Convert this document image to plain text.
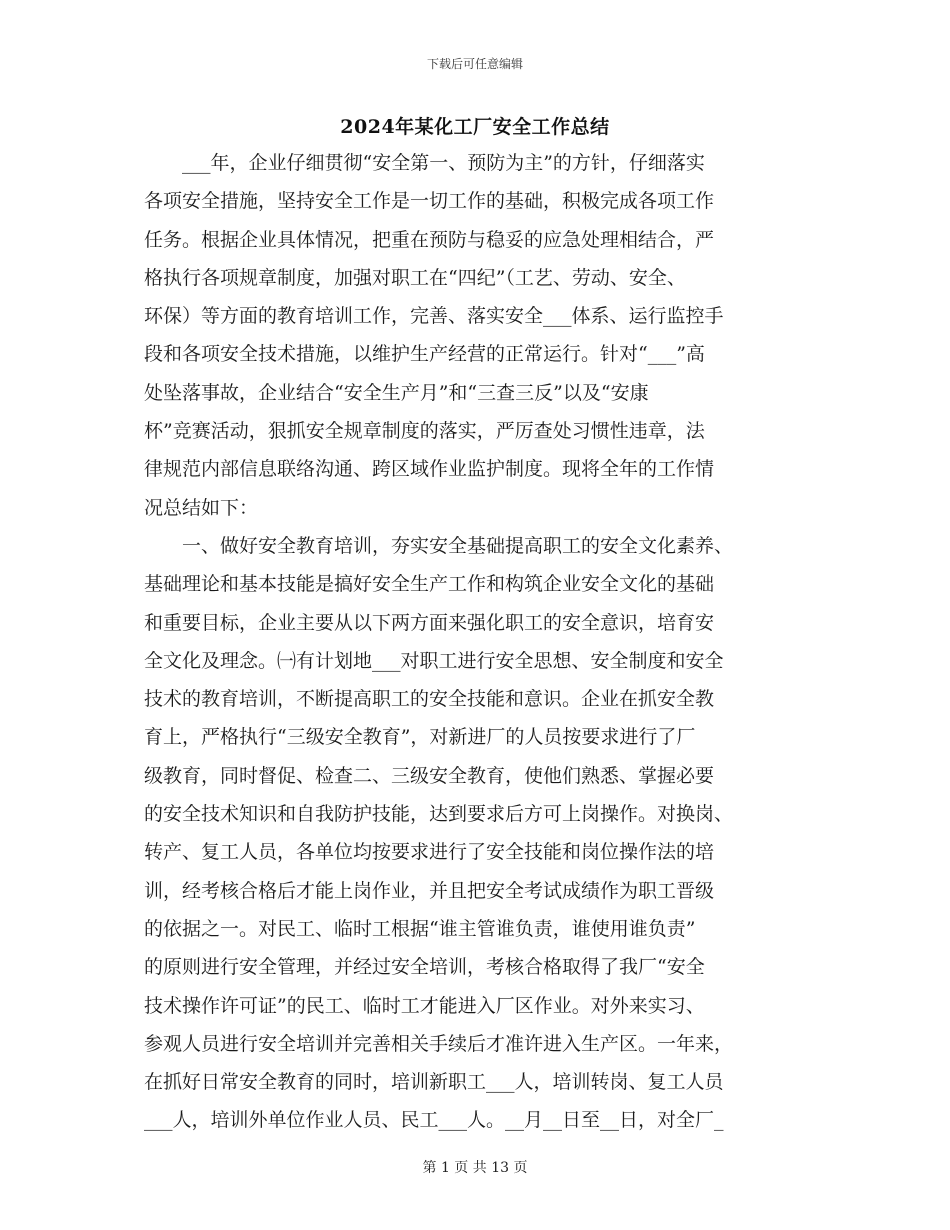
下载后可任意编辑
2024年某化工厂安全工作总结
　　___年，企业仔细贯彻“安全第一、预防为主”的方针，仔细落实
各项安全措施，坚持安全工作是一切工作的基础，积极完成各项工作
任务。根据企业具体情况，把重在预防与稳妥的应急处理相结合，严
格执行各项规章制度，加强对职工在“四纪”（工艺、劳动、安全、
环保）等方面的教育培训工作，完善、落实安全___体系、运行监控手
段和各项安全技术措施，以维护生产经营的正常运行。针对“___”高
处坠落事故，企业结合“安全生产月”和“三查三反”以及“安康
杯”竞赛活动，狠抓安全规章制度的落实，严厉查处习惯性违章，法
律规范内部信息联络沟通、跨区域作业监护制度。现将全年的工作情
况总结如下：
　　一、做好安全教育培训，夯实安全基础提高职工的安全文化素养、
基础理论和基本技能是搞好安全生产工作和构筑企业安全文化的基础
和重要目标，企业主要从以下两方面来强化职工的安全意识，培育安
全文化及理念。㈠有计划地___对职工进行安全思想、安全制度和安全
技术的教育培训，不断提高职工的安全技能和意识。企业在抓安全教
育上，严格执行“三级安全教育”，对新进厂的人员按要求进行了厂
级教育，同时督促、检查二、三级安全教育，使他们熟悉、掌握必要
的安全技术知识和自我防护技能，达到要求后方可上岗操作。对换岗、
转产、复工人员，各单位均按要求进行了安全技能和岗位操作法的培
训，经考核合格后才能上岗作业，并且把安全考试成绩作为职工晋级
的依据之一。对民工、临时工根据“谁主管谁负责，谁使用谁负责”
的原则进行安全管理，并经过安全培训，考核合格取得了我厂“安全
技术操作许可证”的民工、临时工才能进入厂区作业。对外来实习、
参观人员进行安全培训并完善相关手续后才准许进入生产区。一年来，
在抓好日常安全教育的同时，培训新职工___人，培训转岗、复工人员
___人，培训外单位作业人员、民工___人。__月__日至__日，对全厂_
第 1 页 共 13 页
